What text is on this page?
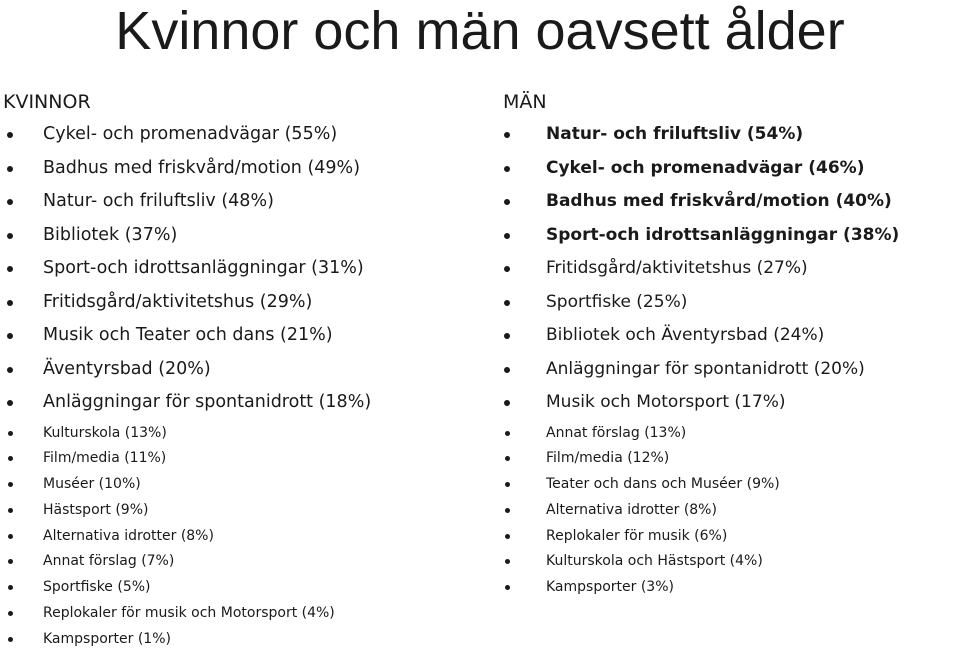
Kvinnor och män oavsett ålder
KVINNOR
Cykel- och promenadvägar (55%)
Badhus med friskvård/motion (49%)
Natur- och friluftsliv (48%)
Bibliotek (37%)
Sport-och idrottsanläggningar (31%)
Fritidsgård/aktivitetshus (29%)
Musik och Teater och dans (21%)
Äventyrsbad (20%)
Anläggningar för spontanidrott (18%)
Kulturskola (13%)
Film/media (11%)
Muséer (10%)
Hästsport (9%)
Alternativa idrotter (8%)
Annat förslag (7%)
Sportfiske (5%)
Replokaler för musik och Motorsport (4%)
Kampsporter (1%)
MÄN
Natur- och friluftsliv (54%)
Cykel- och promenadvägar (46%)
Badhus med friskvård/motion (40%)
Sport-och idrottsanläggningar (38%)
Fritidsgård/aktivitetshus (27%)
Sportfiske (25%)
Bibliotek och Äventyrsbad (24%)
Anläggningar för spontanidrott (20%)
Musik och Motorsport (17%)
Annat förslag (13%)
Film/media (12%)
Teater och dans och Muséer (9%)
Alternativa idrotter (8%)
Replokaler för musik (6%)
Kulturskola och Hästsport (4%)
Kampsporter (3%)
